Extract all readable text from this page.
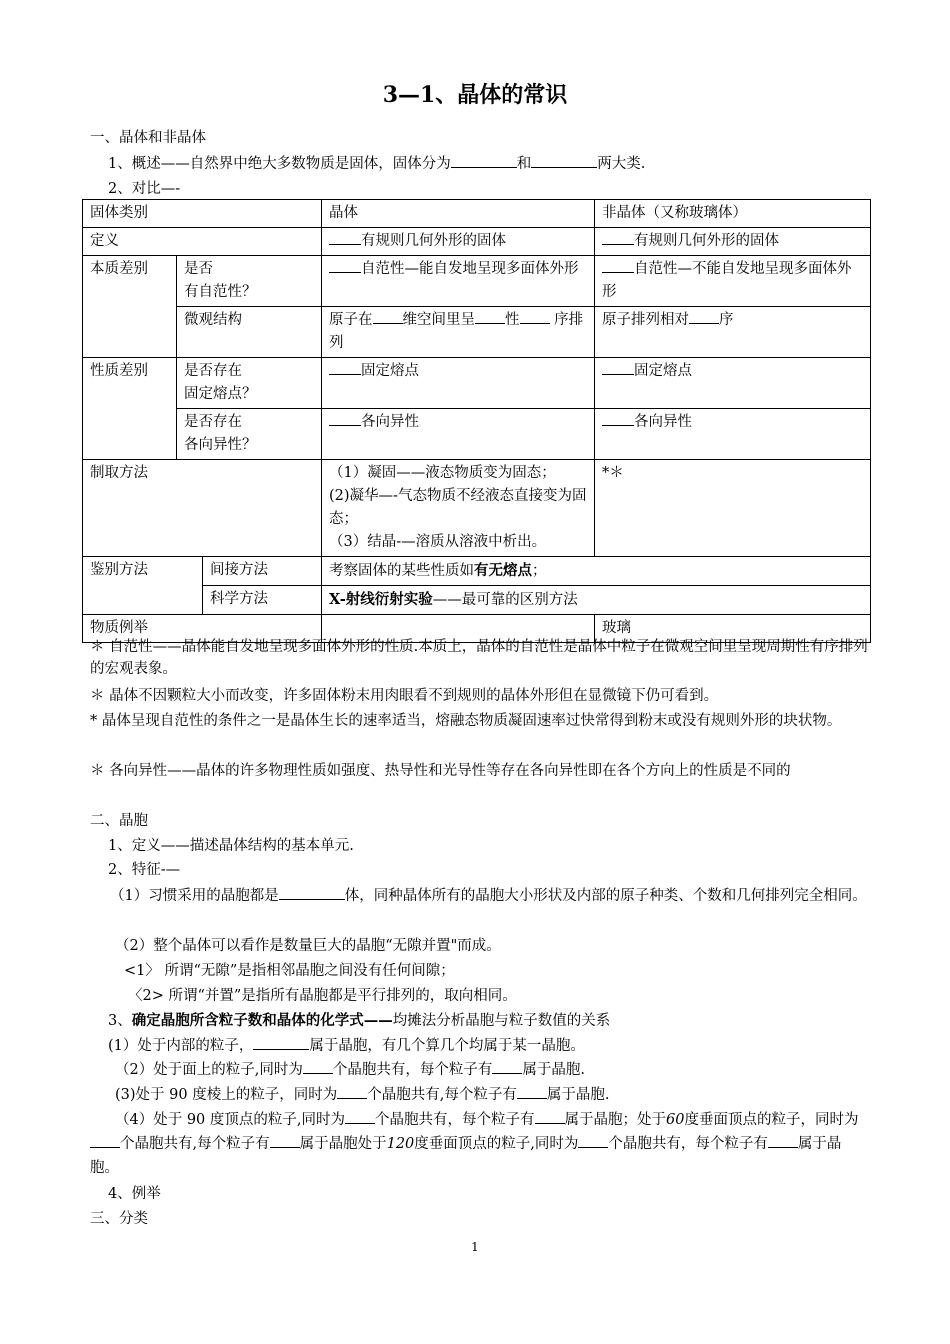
3—1、晶体的常识
一、晶体和非晶体
1、概述——自然界中绝大多数物质是固体，固体分为	和	两大类.
2、对比—-
固体类别			晶体	非晶体（又称玻璃体）
定义			有规则几何外形的固体	有规则几何外形的固体
本质差别	是否
有自范性？		自范性—能自发地呈现多面体外形	自范性—不能自发地呈现多面体外形
	微观结构		原子在 维空间里呈 性 序排列	原子排列相对 序
性质差别	是否存在
固定熔点？		固定熔点	固定熔点
	是否存在
各向异性？		各向异性	各向异性
制取方法			（1）凝固——液态物质变为固态；
(2)凝华—-气态物质不经液态直接变为固态；
（3）结晶-—溶质从溶液中析出。	*＊
鉴别方法		间接方法	考察固体的某些性质如有无熔点；	
		科学方法	X-射线衍射实验——最可靠的区别方法	
物质例举				玻璃
＊ 自范性——晶体能自发地呈现多面体外形的性质.本质上，晶体的自范性是晶体中粒子在微观空间里呈现周期性有序排列的宏观表象。
＊ 晶体不因颗粒大小而改变，许多固体粉末用肉眼看不到规则的晶体外形但在显微镜下仍可看到。
* 晶体呈现自范性的条件之一是晶体生长的速率适当，熔融态物质凝固速率过快常得到粉末或没有规则外形的块状物。
＊ 各向异性——晶体的许多物理性质如强度、热导性和光导性等存在各向异性即在各个方向上的性质是不同的
二、晶胞
1、定义——描述晶体结构的基本单元.
2、特征-—
（1）习惯采用的晶胞都是	体，同种晶体所有的晶胞大小形状及内部的原子种类、个数和几何排列完全相同。
（2）整个晶体可以看作是数量巨大的晶胞“无隙并置"而成。
<1〉 所谓“无隙”是指相邻晶胞之间没有任何间隙；
〈2> 所谓“并置”是指所有晶胞都是平行排列的，取向相同。
3、确定晶胞所含粒子数和晶体的化学式——均摊法分析晶胞与粒子数值的关系
(1）处于内部的粒子，	属于晶胞，有几个算几个均属于某一晶胞。
（2）处于面上的粒子,同时为 个晶胞共有，每个粒子有 属于晶胞.
(3)处于 90 度棱上的粒子，同时为 个晶胞共有,每个粒子有 属于晶胞.
（4）处于 90 度顶点的粒子,同时为 个晶胞共有，每个粒子有 属于晶胞；处于60度垂面顶点的粒子，同时为个晶胞共有,每个粒子有 属于晶胞处于120度垂面顶点的粒子,同时为 个晶胞共有，每个粒子有 属于晶胞。
4、例举
三、分类
1
